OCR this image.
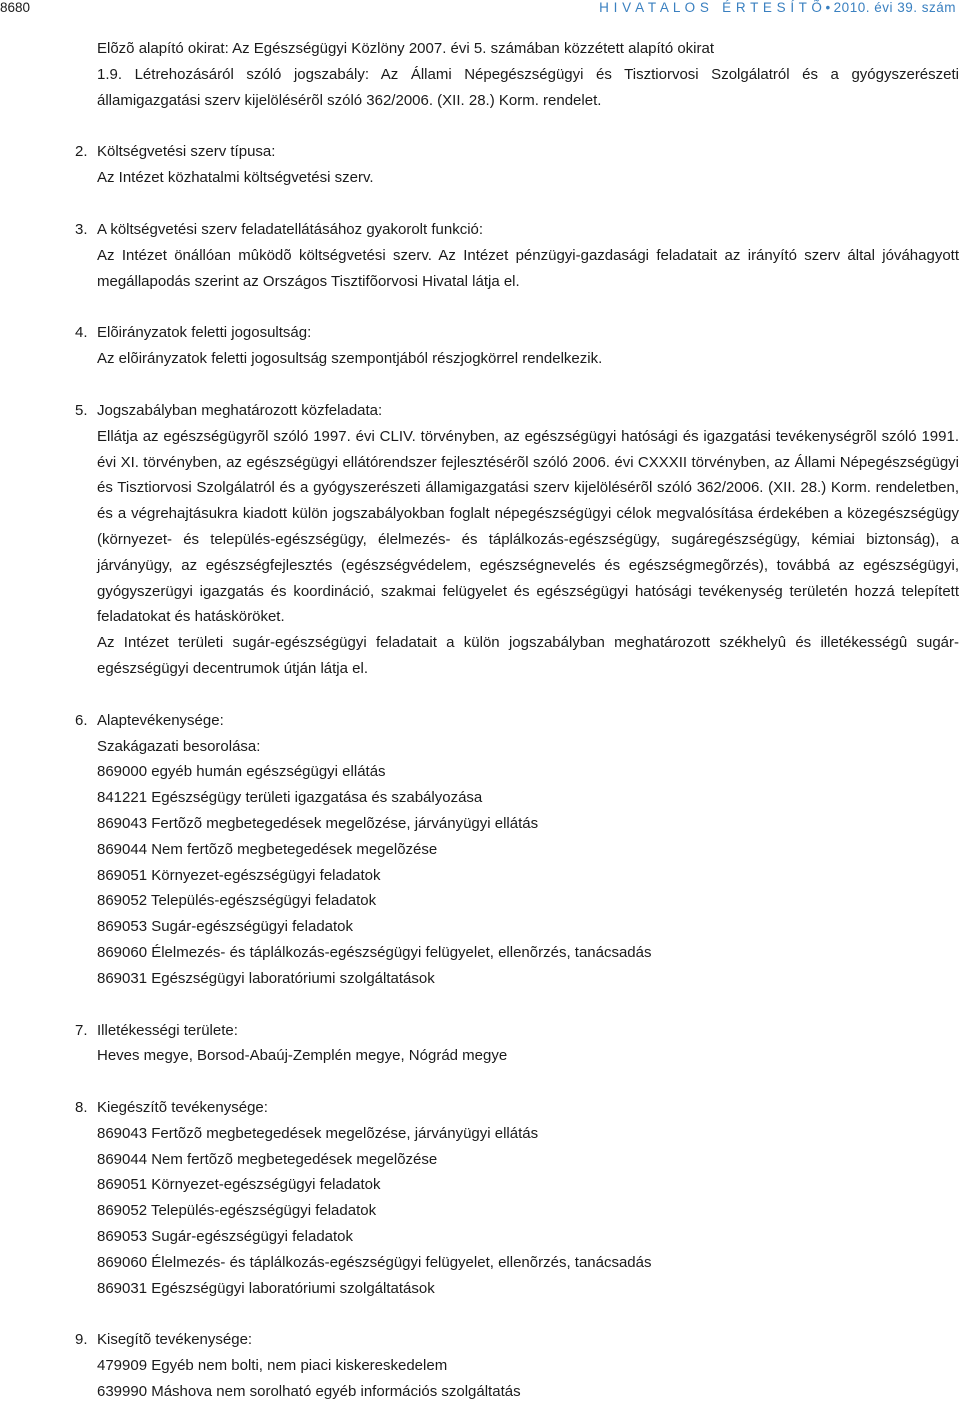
8680	H I V A T A L O S   É R T E S Í T Õ • 2010. évi 39. szám
Elõzõ alapító okirat: Az Egészségügyi Közlöny 2007. évi 5. számában közzétett alapító okirat
1.9. Létrehozásáról szóló jogszabály: Az Állami Népegészségügyi és Tisztiorvosi Szolgálatról és a gyógyszerészeti államigazgatási szerv kijelölésérõl szóló 362/2006. (XII. 28.) Korm. rendelet.
2. Költségvetési szerv típusa:
Az Intézet közhatalmi költségvetési szerv.
3. A költségvetési szerv feladatellátásához gyakorolt funkció:
Az Intézet önállóan mûködõ költségvetési szerv. Az Intézet pénzügyi-gazdasági feladatait az irányító szerv által jóváhagyott megállapodás szerint az Országos Tisztifõorvosi Hivatal látja el.
4. Elõirányzatok feletti jogosultság:
Az elõirányzatok feletti jogosultság szempontjából részjogkörrel rendelkezik.
5. Jogszabályban meghatározott közfeladata:
Ellátja az egészségügyrõl szóló 1997. évi CLIV. törvényben, az egészségügyi hatósági és igazgatási tevékenységrõl szóló 1991. évi XI. törvényben, az egészségügyi ellátórendszer fejlesztésérõl szóló 2006. évi CXXXII törvényben, az Állami Népegészségügyi és Tisztiorvosi Szolgálatról és a gyógyszerészeti államigazgatási szerv kijelölésérõl szóló 362/2006. (XII. 28.) Korm. rendeletben, és a végrehajtásukra kiadott külön jogszabályokban foglalt népegészségügyi célok megvalósítása érdekében a közegészségügy (környezet- és település-egészségügy, élelmezés- és táplálkozás-egészségügy, sugáregészségügy, kémiai biztonság), a járványügy, az egészségfejlesztés (egészségvédelem, egészségnevelés és egészségmegõrzés), továbbá az egészségügyi, gyógyszerügyi igazgatás és koordináció, szakmai felügyelet és egészségügyi hatósági tevékenység területén hozzá telepített feladatokat és hatásköröket.
Az Intézet területi sugár-egészségügyi feladatait a külön jogszabályban meghatározott székhelyû és illetékességû sugár-egészségügyi decentrumok útján látja el.
6. Alaptevékenysége:
Szakágazati besorolása:
869000 egyéb humán egészségügyi ellátás
841221 Egészségügy területi igazgatása és szabályozása
869043 Fertõzõ megbetegedések megelõzése, járványügyi ellátás
869044 Nem fertõzõ megbetegedések megelõzése
869051 Környezet-egészségügyi feladatok
869052 Település-egészségügyi feladatok
869053 Sugár-egészségügyi feladatok
869060 Élelmezés- és táplálkozás-egészségügyi felügyelet, ellenõrzés, tanácsadás
869031 Egészségügyi laboratóriumi szolgáltatások
7. Illetékességi területe:
Heves megye, Borsod-Abaúj-Zemplén megye, Nógrád megye
8. Kiegészítõ tevékenysége:
869043 Fertõzõ megbetegedések megelõzése, járványügyi ellátás
869044 Nem fertõzõ megbetegedések megelõzése
869051 Környezet-egészségügyi feladatok
869052 Település-egészségügyi feladatok
869053 Sugár-egészségügyi feladatok
869060 Élelmezés- és táplálkozás-egészségügyi felügyelet, ellenõrzés, tanácsadás
869031 Egészségügyi laboratóriumi szolgáltatások
9. Kisegítõ tevékenysége:
479909 Egyéb nem bolti, nem piaci kiskereskedelem
639990 Máshova nem sorolható egyéb információs szolgáltatás
